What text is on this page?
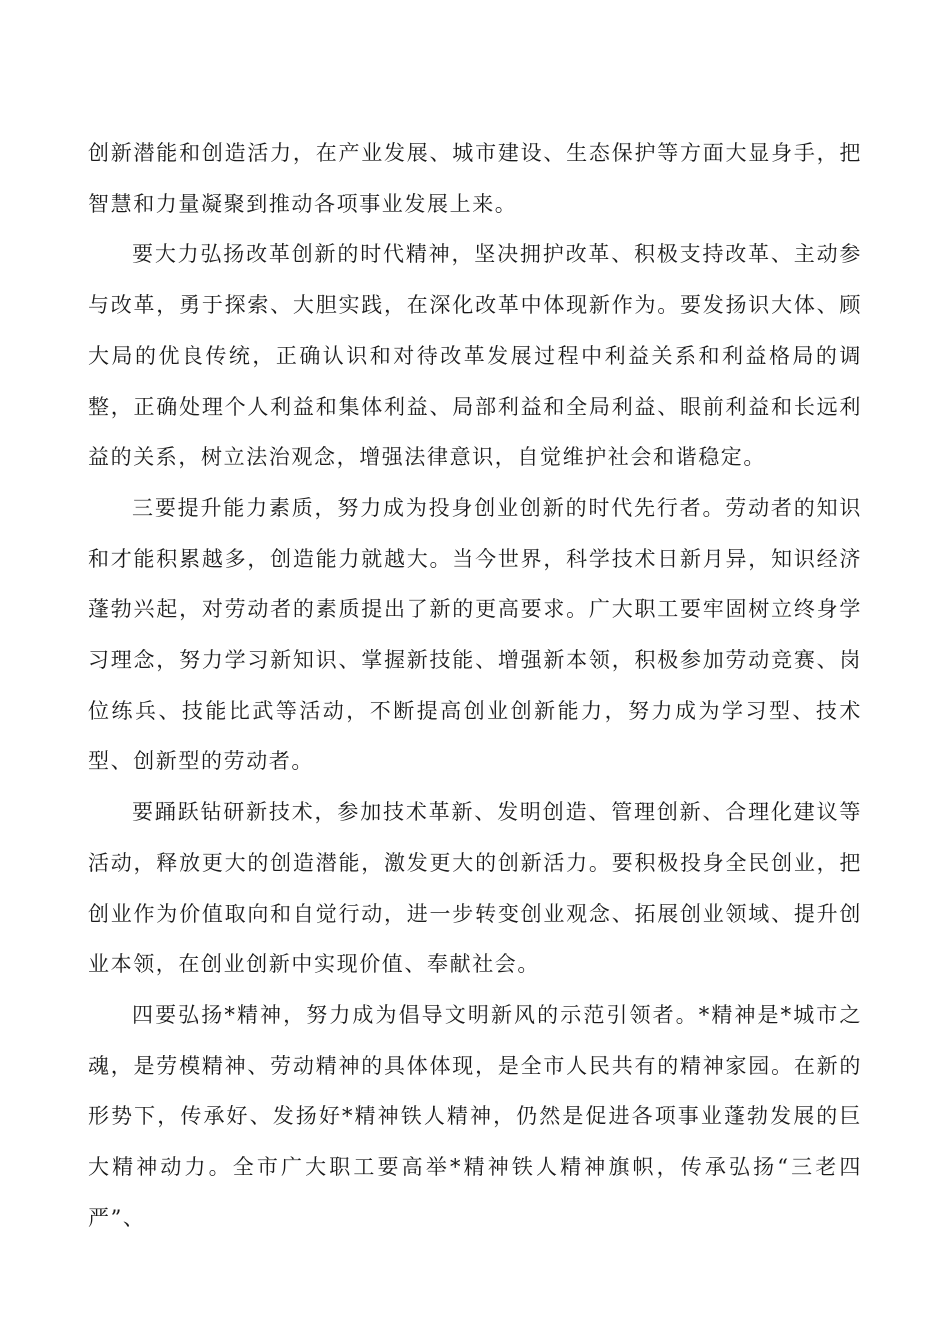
创新潜能和创造活力，在产业发展、城市建设、生态保护等方面大显身手，把智慧和力量凝聚到推动各项事业发展上来。

要大力弘扬改革创新的时代精神，坚决拥护改革、积极支持改革、主动参与改革，勇于探索、大胆实践，在深化改革中体现新作为。要发扬识大体、顾大局的优良传统，正确认识和对待改革发展过程中利益关系和利益格局的调整，正确处理个人利益和集体利益、局部利益和全局利益、眼前利益和长远利益的关系，树立法治观念，增强法律意识，自觉维护社会和谐稳定。

三要提升能力素质，努力成为投身创业创新的时代先行者。劳动者的知识和才能积累越多，创造能力就越大。当今世界，科学技术日新月异，知识经济蓬勃兴起，对劳动者的素质提出了新的更高要求。广大职工要牢固树立终身学习理念，努力学习新知识、掌握新技能、增强新本领，积极参加劳动竞赛、岗位练兵、技能比武等活动，不断提高创业创新能力，努力成为学习型、技术型、创新型的劳动者。

要踊跃钻研新技术，参加技术革新、发明创造、管理创新、合理化建议等活动，释放更大的创造潜能，激发更大的创新活力。要积极投身全民创业，把创业作为价值取向和自觉行动，进一步转变创业观念、拓展创业领域、提升创业本领，在创业创新中实现价值、奉献社会。

四要弘扬*精神，努力成为倡导文明新风的示范引领者。*精神是*城市之魂，是劳模精神、劳动精神的具体体现，是全市人民共有的精神家园。在新的形势下，传承好、发扬好*精神铁人精神，仍然是促进各项事业蓬勃发展的巨大精神动力。全市广大职工要高举*精神铁人精神旗帜，传承弘扬“三老四严”、
